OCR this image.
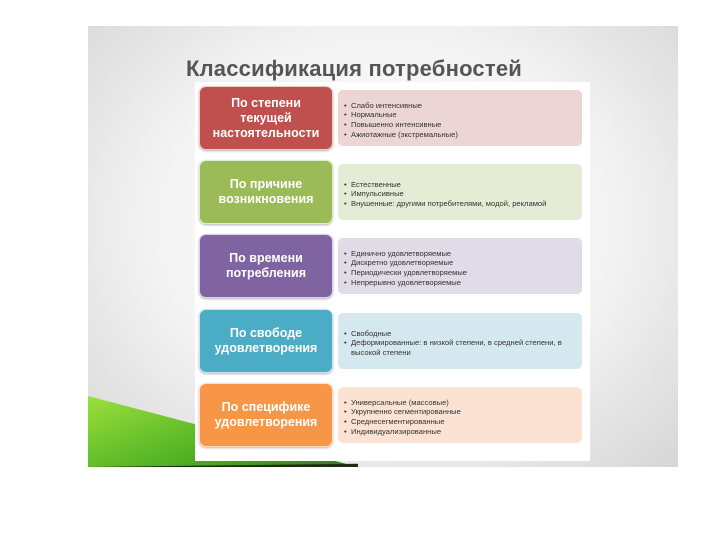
Классификация потребностей
По степени текущей настоятельности
• Слабо интенсивные
• Нормальные
• Повышенно интенсивные
• Ажиотажные (экстремальные)
По причине возникновения
• Естественные
• Импульсивные
• Внушенные: другими потребителями, модой, рекламой
По времени потребления
• Единично удовлетворяемые
• Дискретно удовлетворяемые
• Периодически удовлетворяемые
• Непрерывно удовлетворяемые
По свободе удовлетворения
• Свободные
• Деформированные: в низкой степени, в средней степени, в высокой степени
По специфике удовлетворения
• Универсальные (массовые)
• Укрупненно сегментированные
• Среднесегментированные
• Индивидуализированные
